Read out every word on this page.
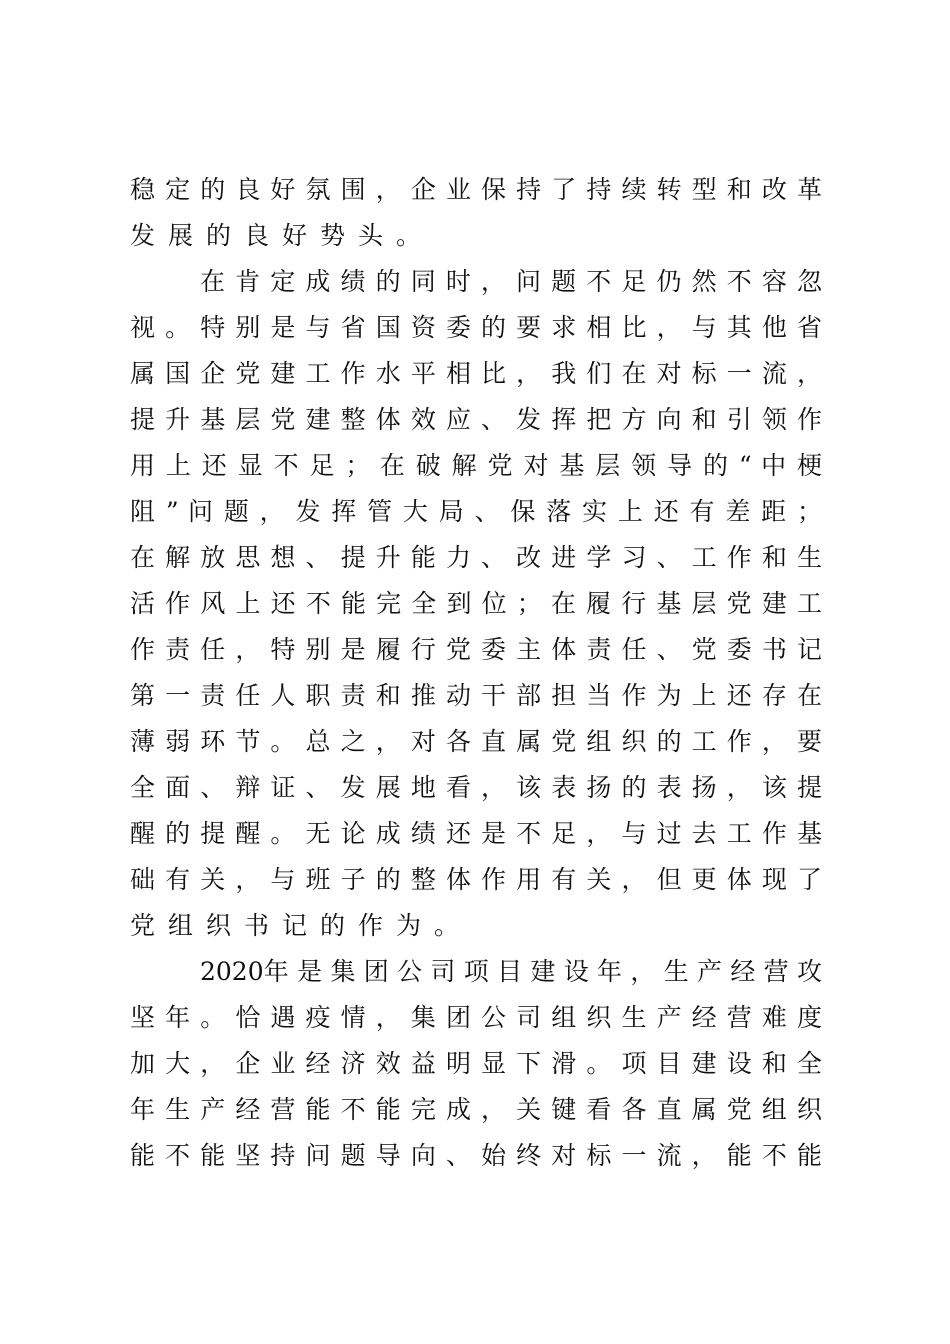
稳 定 的 良 好 氛 围 ， 企 业 保 持 了 持 续 转 型 和 改 革
发展的良好势头。
在 肯 定 成 绩 的 同 时 ， 问 题 不 足 仍 然 不 容 忽
视 。 特 别 是 与 省 国 资 委 的 要 求 相 比 ， 与 其 他 省
属 国 企 党 建 工 作 水 平 相 比 ， 我 们 在 对 标 一 流 ，
提 升 基 层 党 建 整 体 效 应 、 发 挥 把 方 向 和 引 领 作
用 上 还 显 不 足 ； 在 破 解 党 对 基 层 领 导 的 “ 中 梗
阻 ” 问 题 ， 发 挥 管 大 局 、 保 落 实 上 还 有 差 距 ；
在 解 放 思 想 、 提 升 能 力 、 改 进 学 习 、 工 作 和 生
活 作 风 上 还 不 能 完 全 到 位 ； 在 履 行 基 层 党 建 工
作 责 任 ， 特 别 是 履 行 党 委 主 体 责 任 、 党 委 书 记
第 一 责 任 人 职 责 和 推 动 干 部 担 当 作 为 上 还 存 在
薄 弱 环 节 。 总 之 ， 对 各 直 属 党 组 织 的 工 作 ， 要
全 面 、 辩 证 、 发 展 地 看 ， 该 表 扬 的 表 扬 ， 该 提
醒 的 提 醒 。 无 论 成 绩 还 是 不 足 ， 与 过 去 工 作 基
础 有 关 ， 与 班 子 的 整 体 作 用 有 关 ， 但 更 体 现 了
党组织书记的作为。
2020年 是 集 团 公 司 项 目 建 设 年 ， 生 产 经 营 攻
坚 年 。 恰 遇 疫 情 ， 集 团 公 司 组 织 生 产 经 营 难 度
加 大 ， 企 业 经 济 效 益 明 显 下 滑 。 项 目 建 设 和 全
年 生 产 经 营 能 不 能 完 成 ， 关 键 看 各 直 属 党 组 织
能 不 能 坚 持 问 题 导 向 、 始 终 对 标 一 流 ， 能 不 能
